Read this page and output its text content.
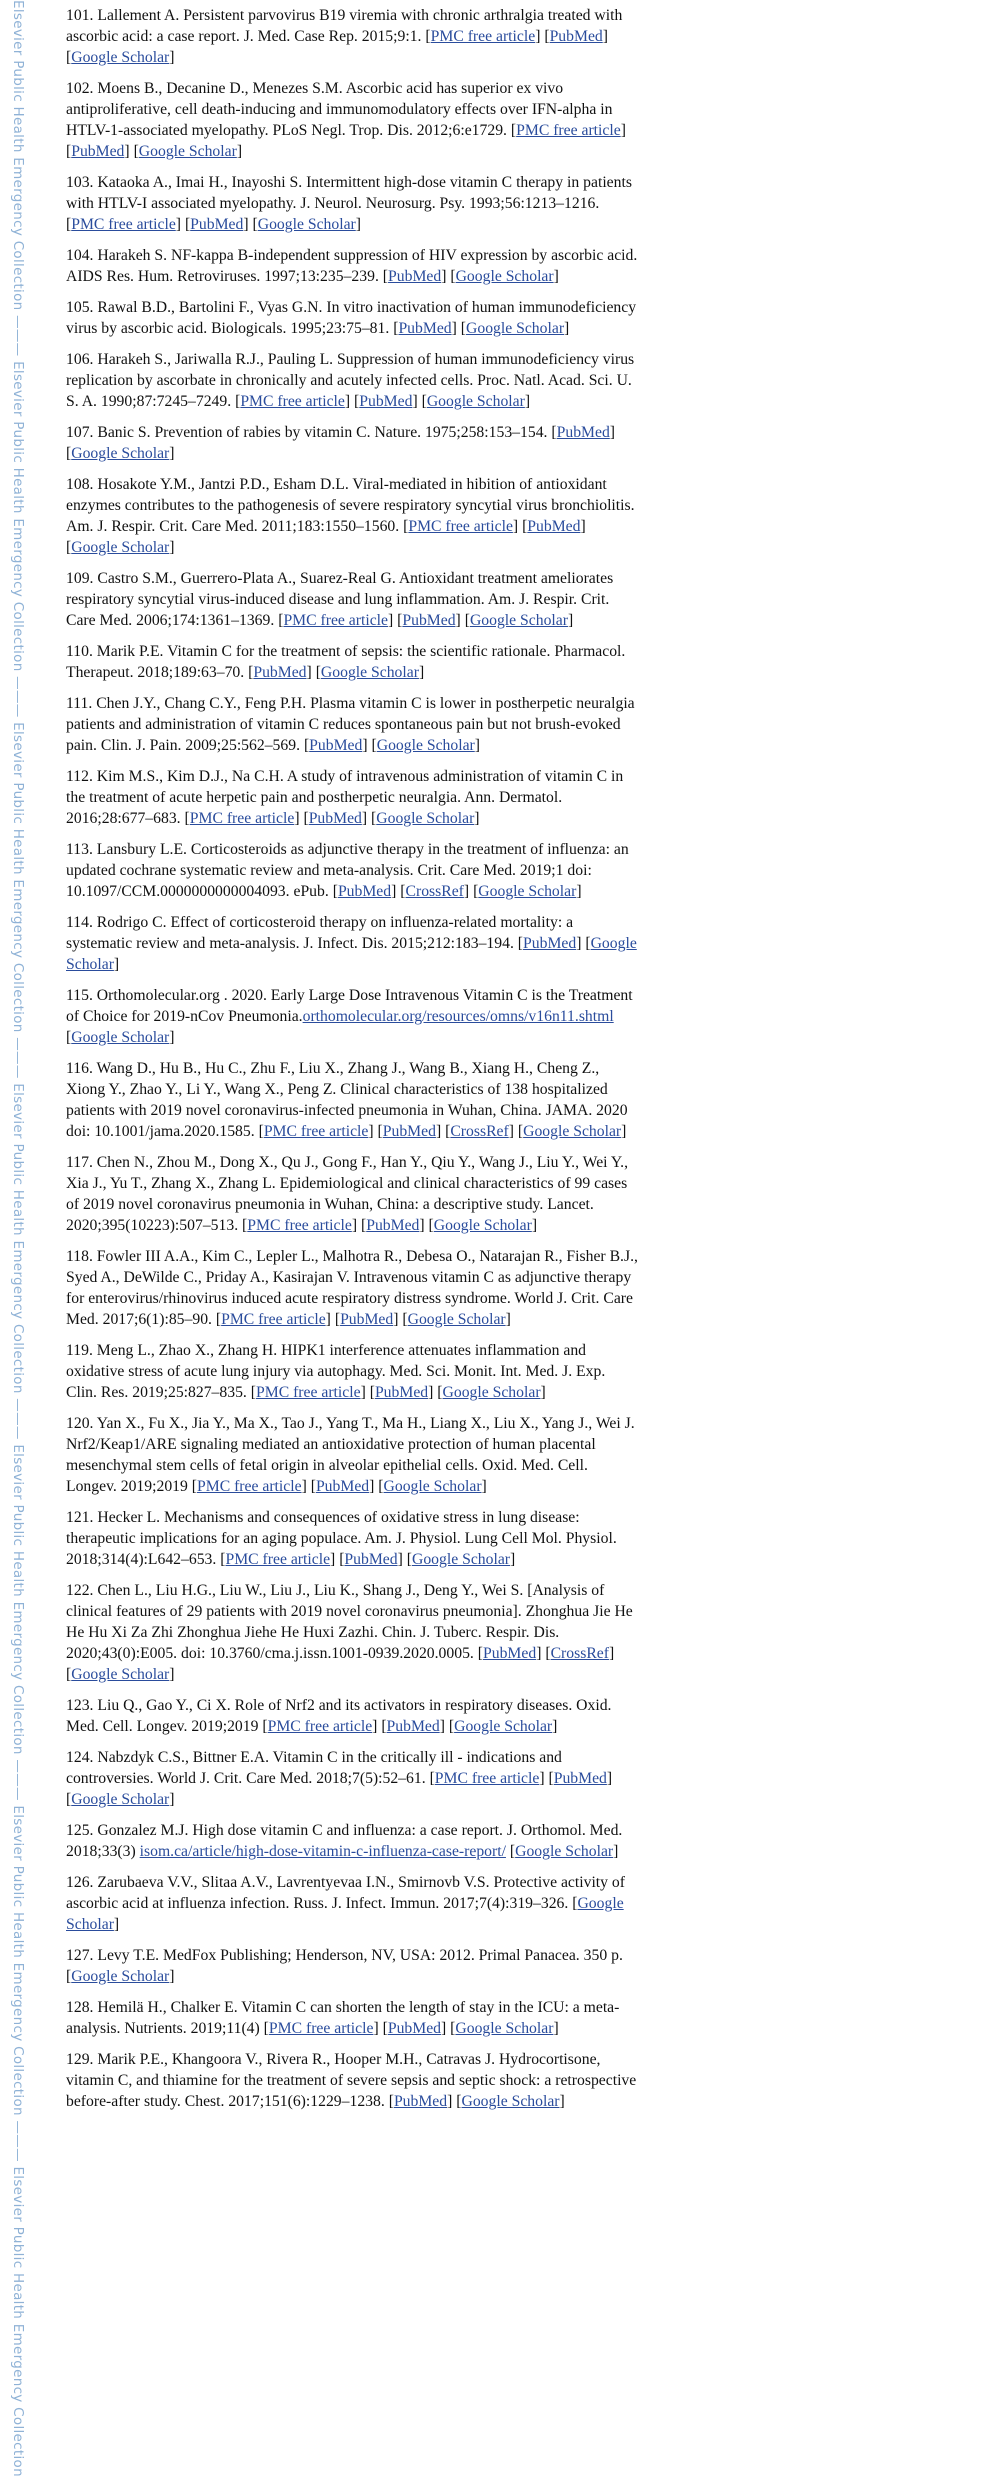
Elsevier Public Health Emergency Collection ——— Elsevier Public Health Emergency Collection ——— Elsevier Public Health Emergency Collection ——— Elsevier Public Health Emergency Collection ——— Elsevier Public Health Emergency Collection ——— Elsevier Public Health Emergency Collection ——— Elsevier Public Health Emergency Collection

101. Lallement A. Persistent parvovirus B19 viremia with chronic arthralgia treated with ascorbic acid: a case report. J. Med. Case Rep. 2015;9:1. [PMC free article] [PubMed] [Google Scholar]

102. Moens B., Decanine D., Menezes S.M. Ascorbic acid has superior ex vivo antiproliferative, cell death-inducing and immunomodulatory effects over IFN-alpha in HTLV-1-associated myelopathy. PLoS Negl. Trop. Dis. 2012;6:e1729. [PMC free article] [PubMed] [Google Scholar]

103. Kataoka A., Imai H., Inayoshi S. Intermittent high-dose vitamin C therapy in patients with HTLV-I associated myelopathy. J. Neurol. Neurosurg. Psy. 1993;56:1213–1216. [PMC free article] [PubMed] [Google Scholar]

104. Harakeh S. NF-kappa B-independent suppression of HIV expression by ascorbic acid. AIDS Res. Hum. Retroviruses. 1997;13:235–239. [PubMed] [Google Scholar]

105. Rawal B.D., Bartolini F., Vyas G.N. In vitro inactivation of human immunodeficiency virus by ascorbic acid. Biologicals. 1995;23:75–81. [PubMed] [Google Scholar]

106. Harakeh S., Jariwalla R.J., Pauling L. Suppression of human immunodeficiency virus replication by ascorbate in chronically and acutely infected cells. Proc. Natl. Acad. Sci. U. S. A. 1990;87:7245–7249. [PMC free article] [PubMed] [Google Scholar]

107. Banic S. Prevention of rabies by vitamin C. Nature. 1975;258:153–154. [PubMed] [Google Scholar]

108. Hosakote Y.M., Jantzi P.D., Esham D.L. Viral-mediated in hibition of antioxidant enzymes contributes to the pathogenesis of severe respiratory syncytial virus bronchiolitis. Am. J. Respir. Crit. Care Med. 2011;183:1550–1560. [PMC free article] [PubMed] [Google Scholar]

109. Castro S.M., Guerrero-Plata A., Suarez-Real G. Antioxidant treatment ameliorates respiratory syncytial virus-induced disease and lung inflammation. Am. J. Respir. Crit. Care Med. 2006;174:1361–1369. [PMC free article] [PubMed] [Google Scholar]

110. Marik P.E. Vitamin C for the treatment of sepsis: the scientific rationale. Pharmacol. Therapeut. 2018;189:63–70. [PubMed] [Google Scholar]

111. Chen J.Y., Chang C.Y., Feng P.H. Plasma vitamin C is lower in postherpetic neuralgia patients and administration of vitamin C reduces spontaneous pain but not brush-evoked pain. Clin. J. Pain. 2009;25:562–569. [PubMed] [Google Scholar]

112. Kim M.S., Kim D.J., Na C.H. A study of intravenous administration of vitamin C in the treatment of acute herpetic pain and postherpetic neuralgia. Ann. Dermatol. 2016;28:677–683. [PMC free article] [PubMed] [Google Scholar]

113. Lansbury L.E. Corticosteroids as adjunctive therapy in the treatment of influenza: an updated cochrane systematic review and meta-analysis. Crit. Care Med. 2019;1 doi: 10.1097/CCM.0000000000004093. ePub. [PubMed] [CrossRef] [Google Scholar]

114. Rodrigo C. Effect of corticosteroid therapy on influenza-related mortality: a systematic review and meta-analysis. J. Infect. Dis. 2015;212:183–194. [PubMed] [Google Scholar]

115. Orthomolecular.org . 2020. Early Large Dose Intravenous Vitamin C is the Treatment of Choice for 2019-nCov Pneumonia.orthomolecular.org/resources/omns/v16n11.shtml [Google Scholar]

116. Wang D., Hu B., Hu C., Zhu F., Liu X., Zhang J., Wang B., Xiang H., Cheng Z., Xiong Y., Zhao Y., Li Y., Wang X., Peng Z. Clinical characteristics of 138 hospitalized patients with 2019 novel coronavirus-infected pneumonia in Wuhan, China. JAMA. 2020 doi: 10.1001/jama.2020.1585. [PMC free article] [PubMed] [CrossRef] [Google Scholar]

117. Chen N., Zhou M., Dong X., Qu J., Gong F., Han Y., Qiu Y., Wang J., Liu Y., Wei Y., Xia J., Yu T., Zhang X., Zhang L. Epidemiological and clinical characteristics of 99 cases of 2019 novel coronavirus pneumonia in Wuhan, China: a descriptive study. Lancet. 2020;395(10223):507–513. [PMC free article] [PubMed] [Google Scholar]

118. Fowler III A.A., Kim C., Lepler L., Malhotra R., Debesa O., Natarajan R., Fisher B.J., Syed A., DeWilde C., Priday A., Kasirajan V. Intravenous vitamin C as adjunctive therapy for enterovirus/rhinovirus induced acute respiratory distress syndrome. World J. Crit. Care Med. 2017;6(1):85–90. [PMC free article] [PubMed] [Google Scholar]

119. Meng L., Zhao X., Zhang H. HIPK1 interference attenuates inflammation and oxidative stress of acute lung injury via autophagy. Med. Sci. Monit. Int. Med. J. Exp. Clin. Res. 2019;25:827–835. [PMC free article] [PubMed] [Google Scholar]

120. Yan X., Fu X., Jia Y., Ma X., Tao J., Yang T., Ma H., Liang X., Liu X., Yang J., Wei J. Nrf2/Keap1/ARE signaling mediated an antioxidative protection of human placental mesenchymal stem cells of fetal origin in alveolar epithelial cells. Oxid. Med. Cell. Longev. 2019;2019 [PMC free article] [PubMed] [Google Scholar]

121. Hecker L. Mechanisms and consequences of oxidative stress in lung disease: therapeutic implications for an aging populace. Am. J. Physiol. Lung Cell Mol. Physiol. 2018;314(4):L642–653. [PMC free article] [PubMed] [Google Scholar]

122. Chen L., Liu H.G., Liu W., Liu J., Liu K., Shang J., Deng Y., Wei S. [Analysis of clinical features of 29 patients with 2019 novel coronavirus pneumonia]. Zhonghua Jie He He Hu Xi Za Zhi Zhonghua Jiehe He Huxi Zazhi. Chin. J. Tuberc. Respir. Dis. 2020;43(0):E005. doi: 10.3760/cma.j.issn.1001-0939.2020.0005. [PubMed] [CrossRef] [Google Scholar]

123. Liu Q., Gao Y., Ci X. Role of Nrf2 and its activators in respiratory diseases. Oxid. Med. Cell. Longev. 2019;2019 [PMC free article] [PubMed] [Google Scholar]

124. Nabzdyk C.S., Bittner E.A. Vitamin C in the critically ill - indications and controversies. World J. Crit. Care Med. 2018;7(5):52–61. [PMC free article] [PubMed] [Google Scholar]

125. Gonzalez M.J. High dose vitamin C and influenza: a case report. J. Orthomol. Med. 2018;33(3) isom.ca/article/high-dose-vitamin-c-influenza-case-report/ [Google Scholar]

126. Zarubaeva V.V., Slitaa A.V., Lavrentyevaa I.N., Smirnovb V.S. Protective activity of ascorbic acid at influenza infection. Russ. J. Infect. Immun. 2017;7(4):319–326. [Google Scholar]

127. Levy T.E. MedFox Publishing; Henderson, NV, USA: 2012. Primal Panacea. 350 p. [Google Scholar]

128. Hemilä H., Chalker E. Vitamin C can shorten the length of stay in the ICU: a meta-analysis. Nutrients. 2019;11(4) [PMC free article] [PubMed] [Google Scholar]

129. Marik P.E., Khangoora V., Rivera R., Hooper M.H., Catravas J. Hydrocortisone, vitamin C, and thiamine for the treatment of severe sepsis and septic shock: a retrospective before-after study. Chest. 2017;151(6):1229–1238. [PubMed] [Google Scholar]
